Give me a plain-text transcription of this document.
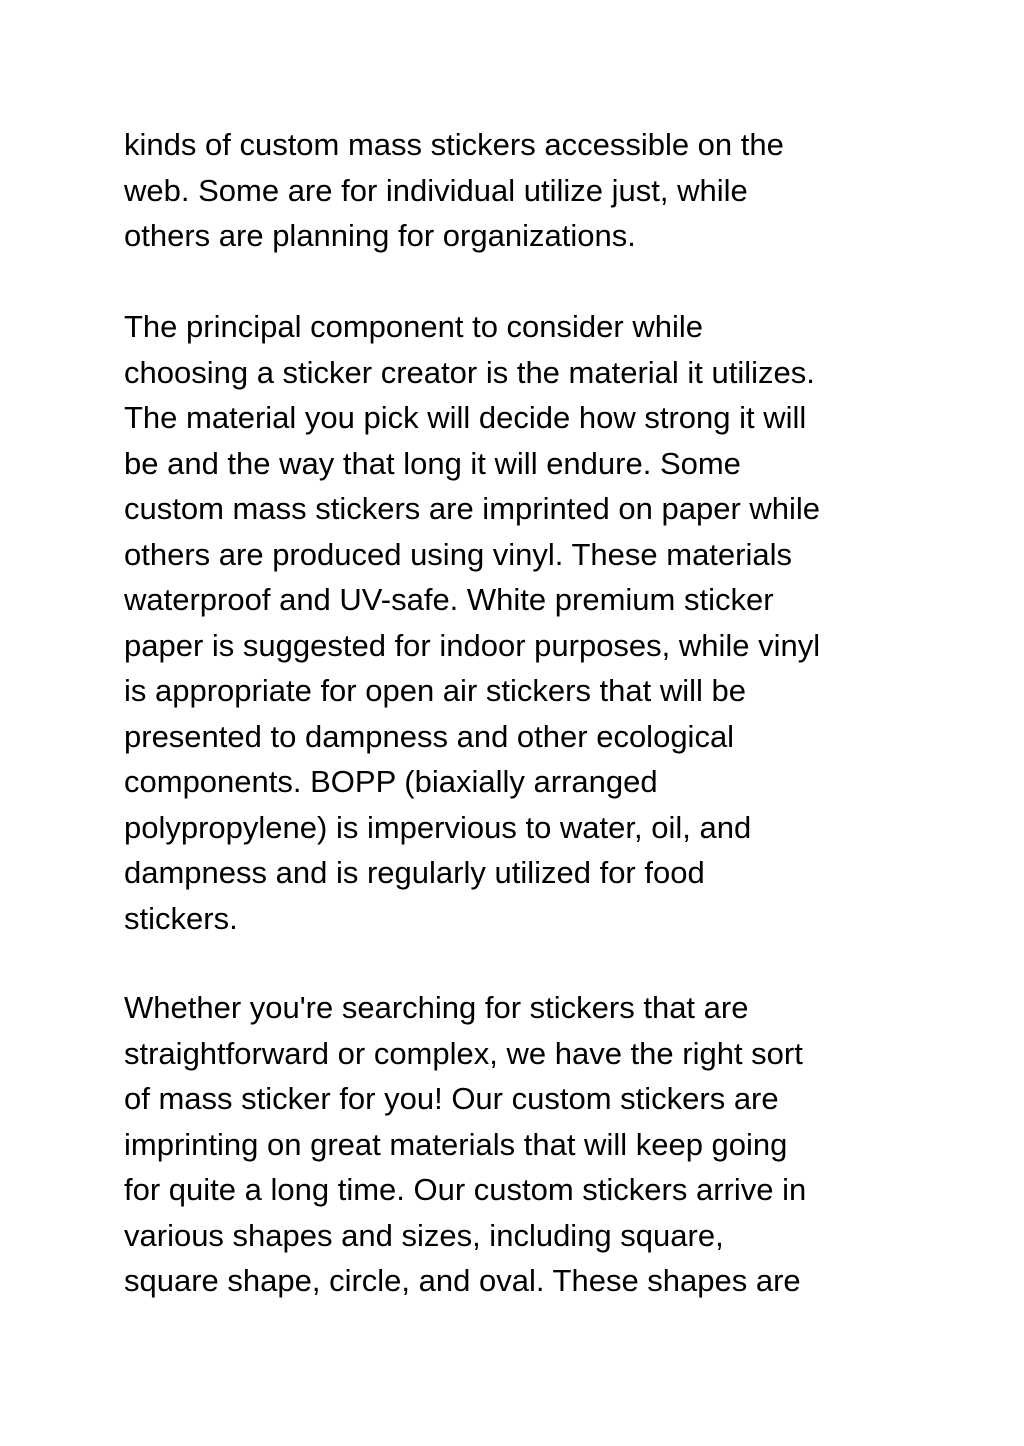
kinds of custom mass stickers accessible on the
web. Some are for individual utilize just, while
others are planning for organizations.

The principal component to consider while
choosing a sticker creator is the material it utilizes.
The material you pick will decide how strong it will
be and the way that long it will endure. Some
custom mass stickers are imprinted on paper while
others are produced using vinyl. These materials
waterproof and UV-safe. White premium sticker
paper is suggested for indoor purposes, while vinyl
is appropriate for open air stickers that will be
presented to dampness and other ecological
components. BOPP (biaxially arranged
polypropylene) is impervious to water, oil, and
dampness and is regularly utilized for food
stickers.

Whether you're searching for stickers that are
straightforward or complex, we have the right sort
of mass sticker for you! Our custom stickers are
imprinting on great materials that will keep going
for quite a long time. Our custom stickers arrive in
various shapes and sizes, including square,
square shape, circle, and oval. These shapes are
